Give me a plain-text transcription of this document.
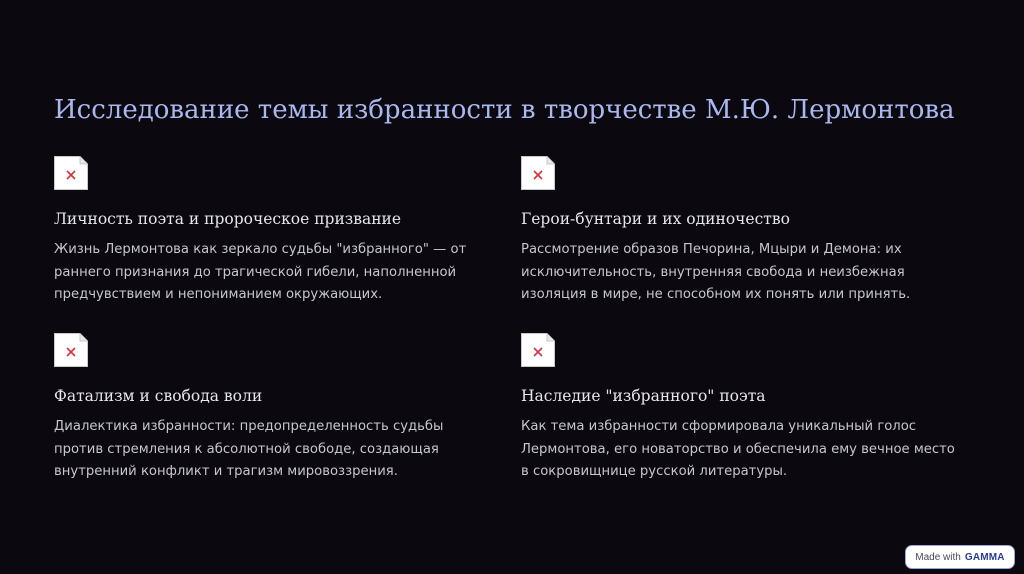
Исследование темы избранности в творчестве М.Ю. Лермонтова
Личность поэта и пророческое призвание

Жизнь Лермонтова как зеркало судьбы "избранного" — от раннего признания до трагической гибели, наполненной предчувствием и непониманием окружающих.

Герои-бунтари и их одиночество

Рассмотрение образов Печорина, Мцыри и Демона: их исключительность, внутренняя свобода и неизбежная изоляция в мире, не способном их понять или принять.

Фатализм и свобода воли

Диалектика избранности: предопределенность судьбы против стремления к абсолютной свободе, создающая внутренний конфликт и трагизм мировоззрения.

Наследие "избранного" поэта

Как тема избранности сформировала уникальный голос Лермонтова, его новаторство и обеспечила ему вечное место в сокровищнице русской литературы.

Made with GAMMA
